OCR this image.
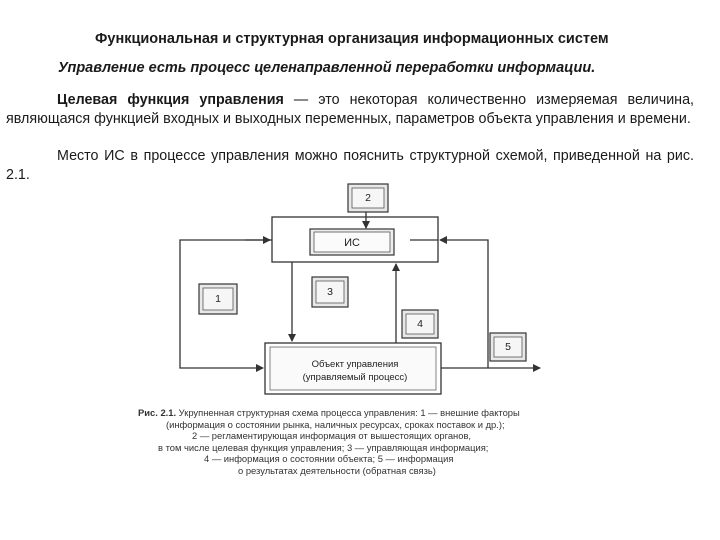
Функциональная и структурная организация информационных систем
Управление есть процесс целенаправленной переработки информации.
Целевая функция управления — это некоторая количественно измеряемая величина, являющаяся функцией входных и выходных переменных, параметров объекта управления и времени.
Место ИС в процессе управления можно пояснить структурной схемой, приведенной на рис. 2.1.
2
ИС
1
3
4
5
Объект управления
(управляемый процесс)
Рис. 2.1. Укрупненная структурная схема процесса управления: 1 — внешние факторы
(информация о состоянии рынка, наличных ресурсах, сроках поставок и др.);
2 — регламентирующая информация от вышестоящих органов,
в том числе целевая функция управления; 3 — управляющая информация;
4 — информация о состоянии объекта; 5 — информация
о результатах деятельности (обратная связь)
